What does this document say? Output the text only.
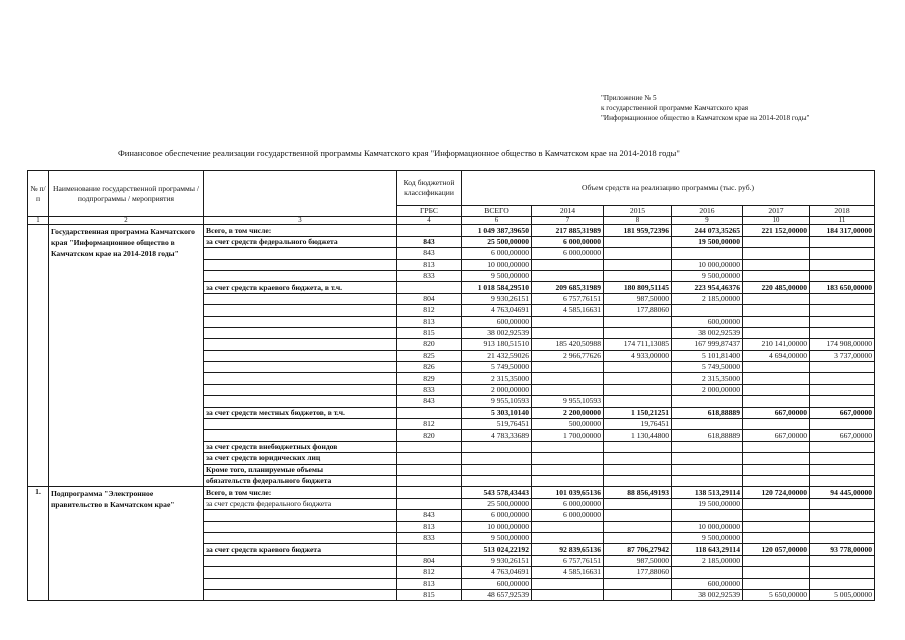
"Приложение № 5
к государственной программе Камчатского края
"Информационное общество в Камчатском крае на 2014-2018 годы"
Финансовое обеспечение реализации государственной программы Камчатского края "Информационное общество в Камчатском крае на 2014-2018 годы"
№ п/п	Наименование государственной программы / подпрограммы / мероприятия		Код бюджетной классификации	Объем средств на реализацию программы (тыс. руб.)					
			ГРБС	ВСЕГО	2014	2015	2016	2017	2018
1	2	3	4	6	7	8	9	10	11
	Государственная программа Камчатского края "Информационное общество в Камчатском крае на 2014-2018 годы"	Всего, в том числе:		1 049 387,39650	217 885,31989	181 959,72396	244 073,35265	221 152,00000	184 317,00000
		за счет средств федерального бюджета	843	25 500,00000	6 000,00000		19 500,00000		
			843	6 000,00000	6 000,00000				
			813	10 000,00000			10 000,00000		
			833	9 500,00000			9 500,00000		
		за счет средств краевого бюджета, в т.ч.		1 018 584,29510	209 685,31989	180 809,51145	223 954,46376	220 485,00000	183 650,00000
			804	9 930,26151	6 757,76151	987,50000	2 185,00000		
			812	4 763,04691	4 585,16631	177,88060			
			813	600,00000			600,00000		
			815	38 002,92539			38 002,92539		
			820	913 180,51510	185 420,50988	174 711,13085	167 999,87437	210 141,00000	174 908,00000
			825	21 432,59026	2 966,77626	4 933,00000	5 101,81400	4 694,00000	3 737,00000
			826	5 749,50000			5 749,50000		
			829	2 315,35000			2 315,35000		
			833	2 000,00000			2 000,00000		
			843	9 955,10593	9 955,10593				
		за счет средств местных бюджетов, в т.ч.		5 303,10140	2 200,00000	1 150,21251	618,88889	667,00000	667,00000
			812	519,76451	500,00000	19,76451			
			820	4 783,33689	1 700,00000	1 130,44800	618,88889	667,00000	667,00000
		за счет средств внебюджетных фондов							
		за счет средств юридических лиц							
		Кроме того, планируемые объемы							
		обязательств федерального бюджета							
1.	Подпрограмма "Электронное правительство в Камчатском крае"	Всего, в том числе:		543 578,43443	101 039,65136	88 856,49193	138 513,29114	120 724,00000	94 445,00000
		за счет средств федерального бюджета		25 500,00000	6 000,00000		19 500,00000		
			843	6 000,00000	6 000,00000				
			813	10 000,00000			10 000,00000		
			833	9 500,00000			9 500,00000		
		за счет средств краевого бюджета		513 024,22192	92 839,65136	87 706,27942	118 643,29114	120 057,00000	93 778,00000
			804	9 930,26151	6 757,76151	987,50000	2 185,00000		
			812	4 763,04691	4 585,16631	177,88060			
			813	600,00000			600,00000		
			815	48 657,92539			38 002,92539	5 650,00000	5 005,00000
